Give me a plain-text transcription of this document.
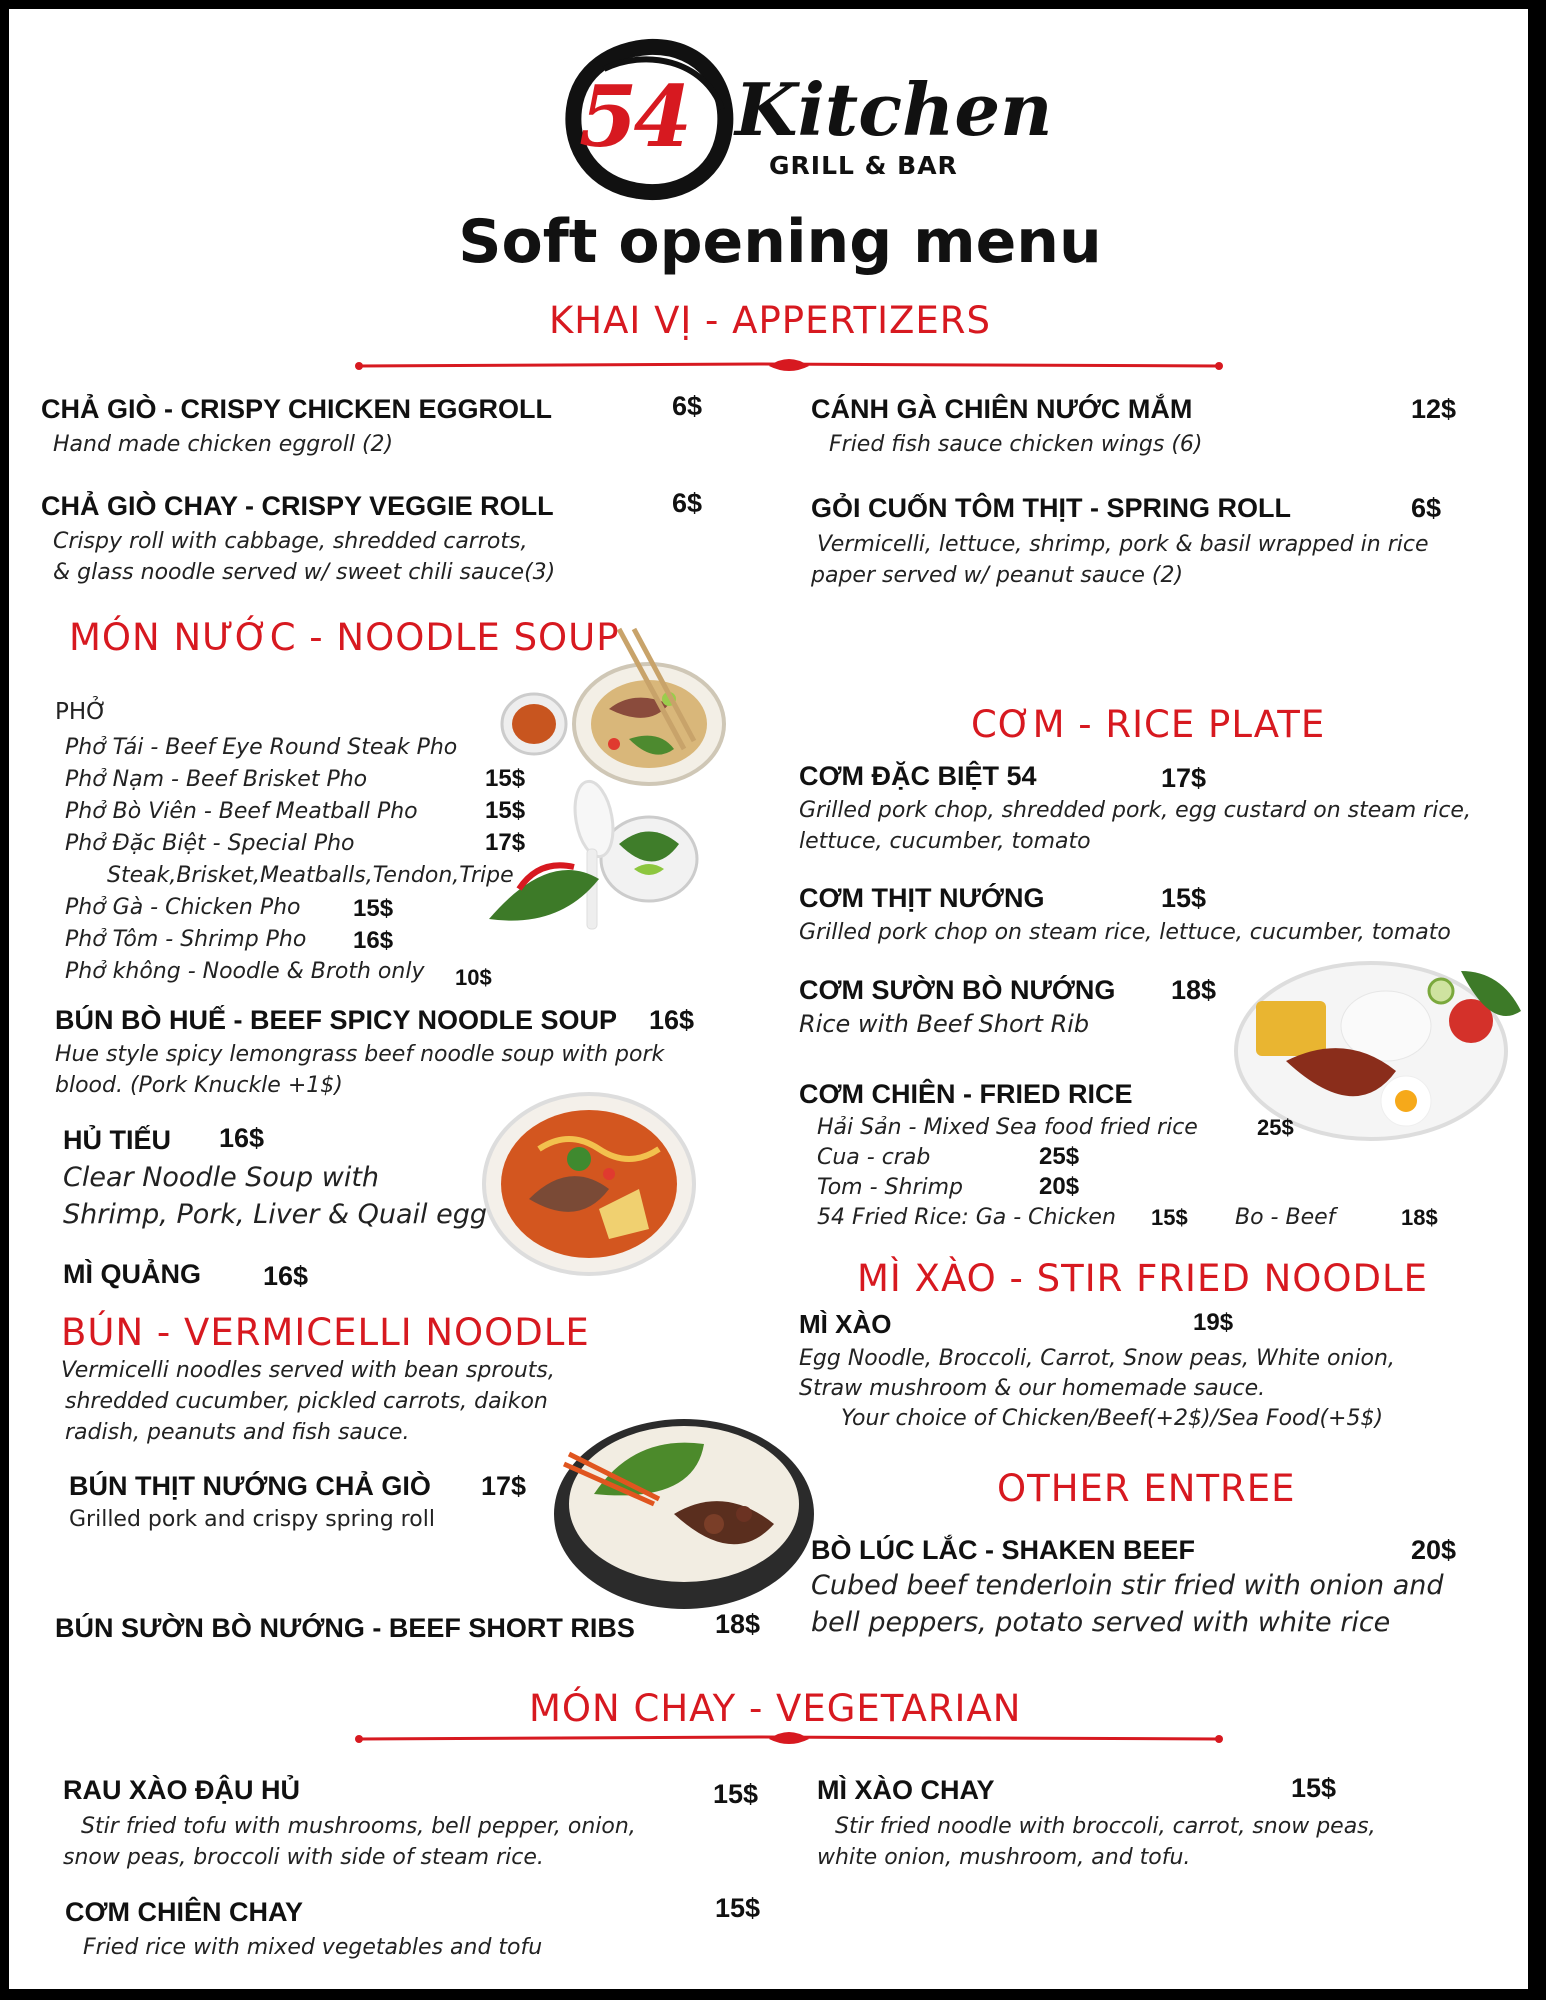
54 Kitchen
GRILL & BAR
Soft opening menu
KHAI VỊ - APPERTIZERS
CHẢ GIÒ - CRISPY CHICKEN EGGROLL	6$
Hand made chicken eggroll (2)
CHẢ GIÒ CHAY - CRISPY VEGGIE ROLL	6$
Crispy roll with cabbage, shredded carrots,
& glass noodle served w/ sweet chili sauce(3)
CÁNH GÀ CHIÊN NƯỚC MẮM	12$
Fried fish sauce chicken wings (6)
GỎI CUỐN TÔM THỊT - SPRING ROLL	6$
Vermicelli, lettuce, shrimp, pork & basil wrapped in rice
paper served w/ peanut sauce (2)
MÓN NƯỚC - NOODLE SOUP
PHỞ
Phở Tái - Beef Eye Round Steak Pho
Phở Nạm - Beef Brisket Pho	15$
Phở Bò Viên - Beef Meatball Pho	15$
Phở Đặc Biệt - Special Pho	17$
Steak,Brisket,Meatballs,Tendon,Tripe
Phở Gà - Chicken Pho 15$
Phở Tôm - Shrimp Pho 16$
Phở không - Noodle & Broth only 10$
BÚN BÒ HUẾ - BEEF SPICY NOODLE SOUP 16$
Hue style spicy lemongrass beef noodle soup with pork
blood. (Pork Knuckle +1$)
HỦ TIẾU 16$
Clear Noodle Soup with
Shrimp, Pork, Liver & Quail egg
MÌ QUẢNG 16$
BÚN - VERMICELLI NOODLE
Vermicelli noodles served with bean sprouts,
shredded cucumber, pickled carrots, daikon
radish, peanuts and fish sauce.
BÚN THỊT NƯỚNG CHẢ GIÒ 17$
Grilled pork and crispy spring roll
BÚN SƯỜN BÒ NƯỚNG - BEEF SHORT RIBS	18$
CƠM - RICE PLATE
CƠM ĐẶC BIỆT 54	17$
Grilled pork chop, shredded pork, egg custard on steam rice,
lettuce, cucumber, tomato
CƠM THỊT NƯỚNG	15$
Grilled pork chop on steam rice, lettuce, cucumber, tomato
CƠM SƯỜN BÒ NƯỚNG 18$
Rice with Beef Short Rib
CƠM CHIÊN - FRIED RICE
Hải Sản - Mixed Sea food fried rice	25$
Cua - crab	25$
Tom - Shrimp	20$
54 Fried Rice: Ga - Chicken 15$ Bo - Beef	18$
MÌ XÀO - STIR FRIED NOODLE
MÌ XÀO	19$
Egg Noodle, Broccoli, Carrot, Snow peas, White onion,
Straw mushroom & our homemade sauce.
Your choice of Chicken/Beef(+2$)/Sea Food(+5$)
OTHER ENTREE
BÒ LÚC LẮC - SHAKEN BEEF	20$
Cubed beef tenderloin stir fried with onion and
bell peppers, potato served with white rice
MÓN CHAY - VEGETARIAN
RAU XÀO ĐẬU HỦ	15$
Stir fried tofu with mushrooms, bell pepper, onion,
snow peas, broccoli with side of steam rice.
MÌ XÀO CHAY	15$
Stir fried noodle with broccoli, carrot, snow peas,
white onion, mushroom, and tofu.
CƠM CHIÊN CHAY	15$
Fried rice with mixed vegetables and tofu
